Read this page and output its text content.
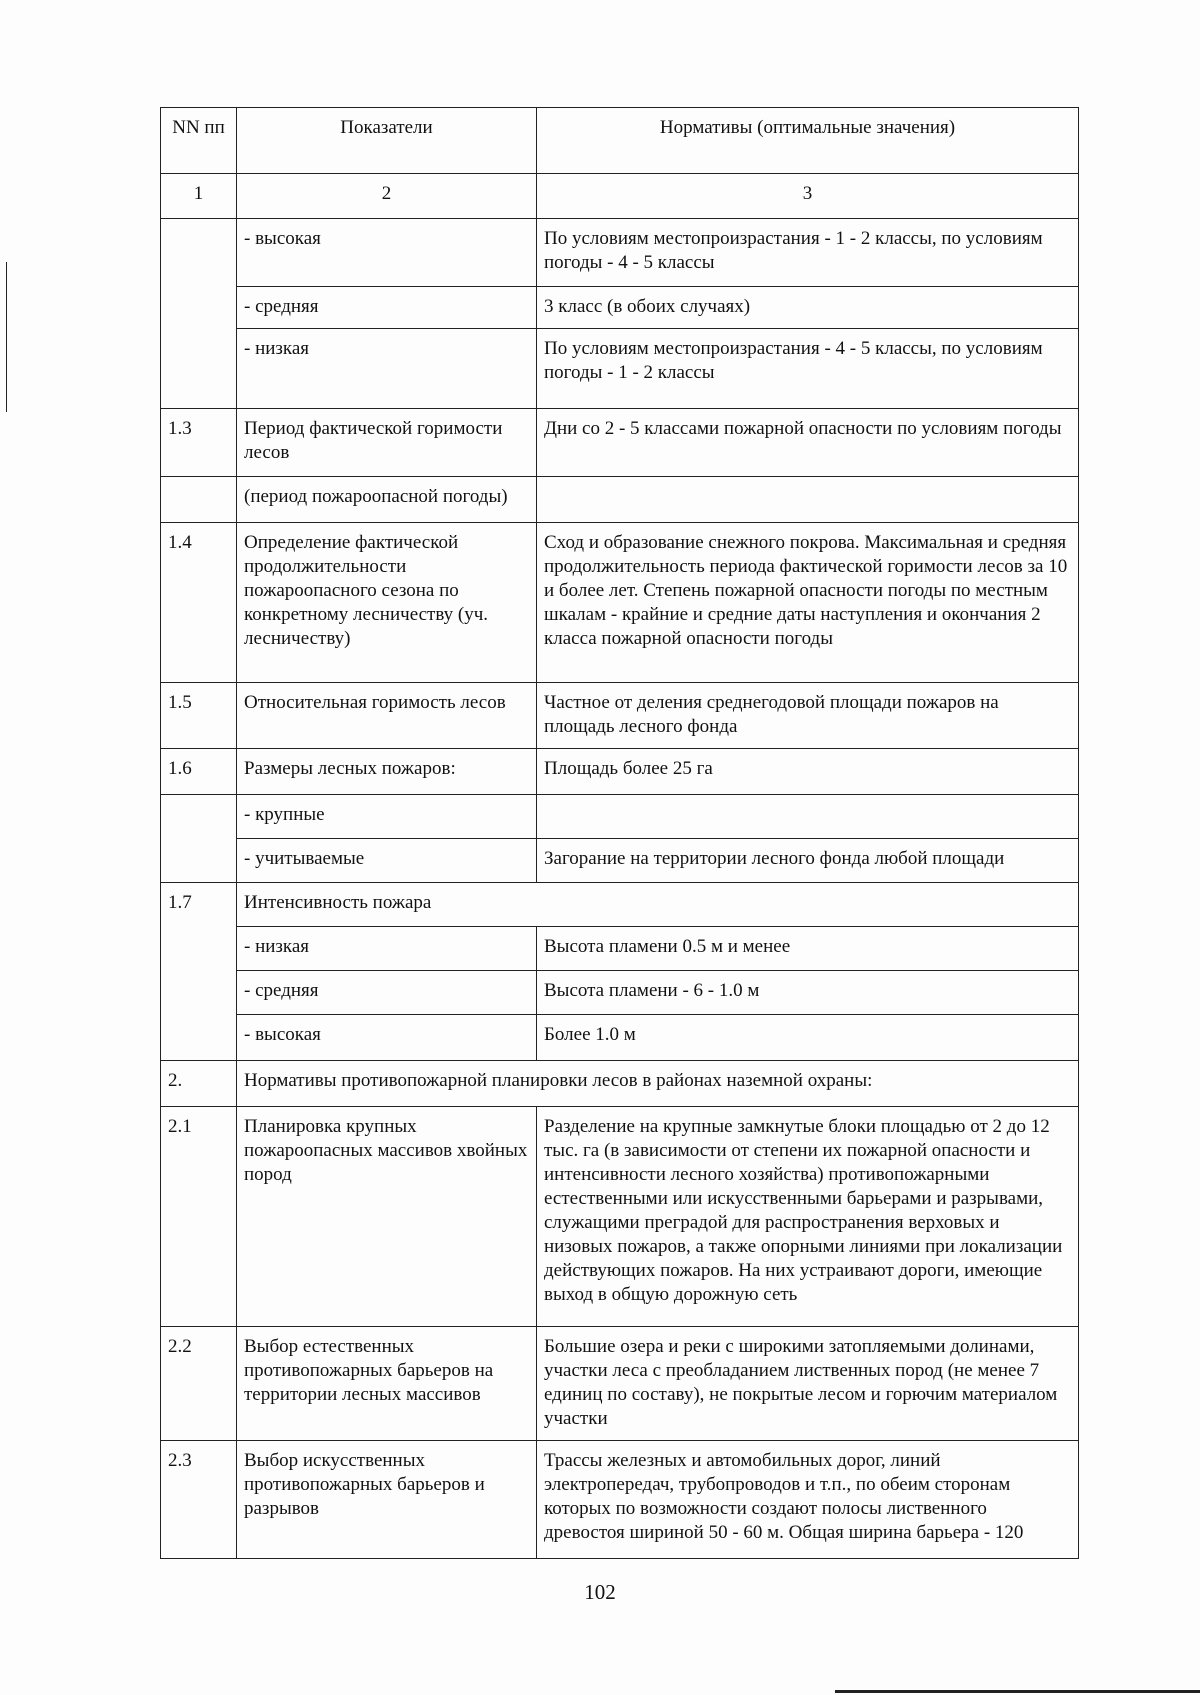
NN пп	Показатели	Нормативы (оптимальные значения)
1	2	3
	- высокая	По условиям местопроизрастания - 1 - 2 классы, по условиям погоды - 4 - 5 классы
	- средняя	3 класс (в обоих случаях)
	- низкая	По условиям местопроизрастания - 4 - 5 классы, по условиям погоды - 1 - 2 классы
1.3	Период фактической горимости лесов	Дни со 2 - 5 классами пожарной опасности по условиям погоды
	(период пожароопасной погоды)	
1.4	Определение фактической продолжительности пожароопасного сезона по конкретному лесничеству (уч. лесничеству)	Сход и образование снежного покрова. Максимальная и средняя продолжительность периода фактической горимости лесов за 10 и более лет. Степень пожарной опасности погоды по местным шкалам - крайние и средние даты наступления и окончания 2 класса пожарной опасности погоды
1.5	Относительная горимость лесов	Частное от деления среднегодовой площади пожаров на площадь лесного фонда
1.6	Размеры лесных пожаров:	Площадь более 25 га
	- крупные	
	- учитываемые	Загорание на территории лесного фонда любой площади
1.7	Интенсивность пожара	
	- низкая	Высота пламени 0.5 м и менее
	- средняя	Высота пламени - 6 - 1.0 м
	- высокая	Более 1.0 м
2.	Нормативы противопожарной планировки лесов в районах наземной охраны:	
2.1	Планировка крупных пожароопасных массивов хвойных пород	Разделение на крупные замкнутые блоки площадью от 2 до 12 тыс. га (в зависимости от степени их пожарной опасности и интенсивности лесного хозяйства) противопожарными естественными или искусственными барьерами и разрывами, служащими преградой для распространения верховых и низовых пожаров, а также опорными линиями при локализации действующих пожаров. На них устраивают дороги, имеющие выход в общую дорожную сеть
2.2	Выбор естественных противопожарных барьеров на территории лесных массивов	Большие озера и реки с широкими затопляемыми долинами, участки леса с преобладанием лиственных пород (не менее 7 единиц по составу), не покрытые лесом и горючим материалом участки
2.3	Выбор искусственных противопожарных барьеров и разрывов	Трассы железных и автомобильных дорог, линий электропередач, трубопроводов и т.п., по обеим сторонам которых по возможности создают полосы лиственного древостоя шириной 50 - 60 м. Общая ширина барьера - 120
102
